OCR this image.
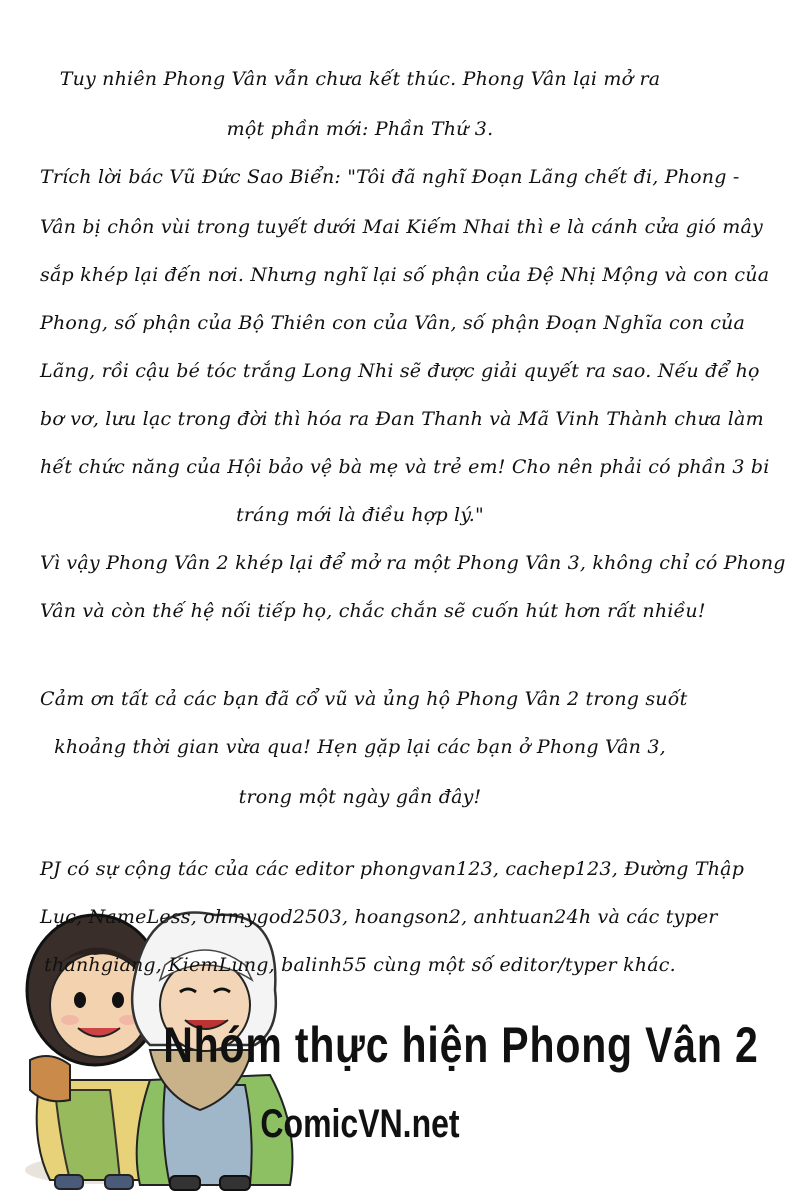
Tuy nhiên Phong Vân vẫn chưa kết thúc. Phong Vân lại mở ra
một phần mới: Phần Thứ 3.
Trích lời bác Vũ Đức Sao Biển: "Tôi đã nghĩ Đoạn Lãng chết đi, Phong -
Vân bị chôn vùi trong tuyết dưới Mai Kiếm Nhai thì e là cánh cửa gió mây
sắp khép lại đến nơi. Nhưng nghĩ lại số phận của Đệ Nhị Mộng và con của
Phong, số phận của Bộ Thiên con của Vân, số phận Đoạn Nghĩa con của
Lãng, rồi cậu bé tóc trắng Long Nhi sẽ được giải quyết ra sao. Nếu để họ
bơ vơ, lưu lạc trong đời thì hóa ra Đan Thanh và Mã Vinh Thành chưa làm
hết chức năng của Hội bảo vệ bà mẹ và trẻ em! Cho nên phải có phần 3 bi
tráng mới là điều hợp lý."
Vì vậy Phong Vân 2 khép lại để mở ra một Phong Vân 3, không chỉ có Phong
Vân và còn thế hệ nối tiếp họ, chắc chắn sẽ cuốn hút hơn rất nhiều!
Cảm ơn tất cả các bạn đã cổ vũ và ủng hộ Phong Vân 2 trong suốt
khoảng thời gian vừa qua! Hẹn gặp lại các bạn ở Phong Vân 3,
trong một ngày gần đây!
PJ có sự cộng tác của các editor phongvan123, cachep123, Đường Thập
Lục, NameLess, ohmygod2503, hoangson2, anhtuan24h và các typer
thanhgiang, KiemLung, balinh55 cùng một số editor/typer khác.
Nhóm thực hiện Phong Vân 2
ComicVN.net
